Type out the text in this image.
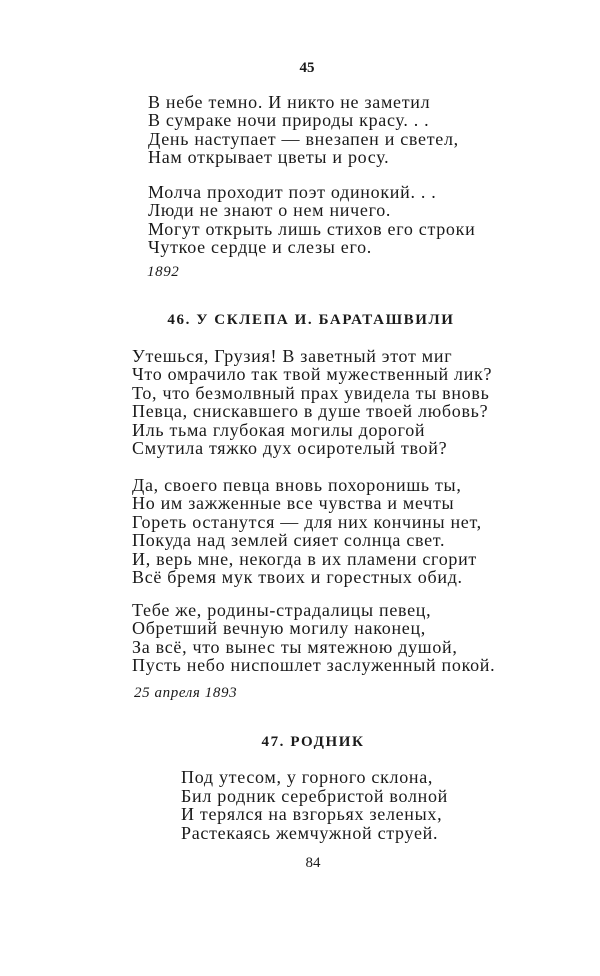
45
В небе темно. И никто не заметил
В сумраке ночи природы красу. . .
День наступает — внезапен и светел,
Нам открывает цветы и росу.
Молча проходит поэт одинокий. . .
Люди не знают о нем ничего.
Могут открыть лишь стихов его строки
Чуткое сердце и слезы его.
1892
46. У СКЛЕПА И. БАРАТАШВИЛИ
Утешься, Грузия! В заветный этот миг
Что омрачило так твой мужественный лик?
То, что безмолвный прах увидела ты вновь
Певца, снискавшего в душе твоей любовь?
Иль тьма глубокая могилы дорогой
Смутила тяжко дух осиротелый твой?
Да, своего певца вновь похоронишь ты,
Но им зажженные все чувства и мечты
Гореть останутся — для них кончины нет,
Покуда над землей сияет солнца свет.
И, верь мне, некогда в их пламени сгорит
Всё бремя мук твоих и горестных обид.
Тебе же, родины-страдалицы певец,
Обретший вечную могилу наконец,
За всё, что вынес ты мятежною душой,
Пусть небо ниспошлет заслуженный покой.
25 апреля 1893
47. РОДНИК
Под утесом, у горного склона,
Бил родник серебристой волной
И терялся на взгорьях зеленых,
Растекаясь жемчужной струей.
84
